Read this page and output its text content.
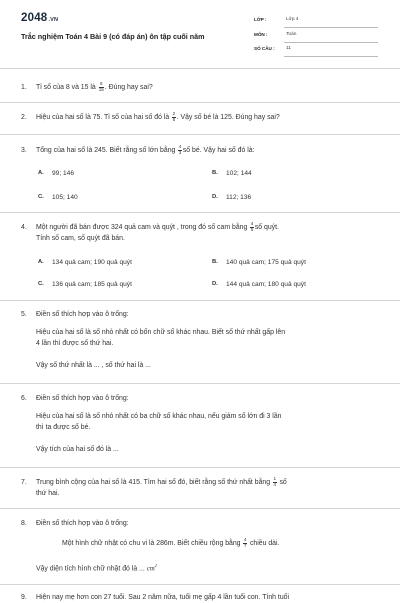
2048.VN
Trắc nghiệm Toán 4 Bài 9 (có đáp án) ôn tập cuối năm
LỚP :	Lớp 4
MÔN :	Toán
SỐ CÂU : 11
1. Tỉ số của 8 và 15 là $\frac{8}{15}$ . Đúng hay sai?
2. Hiệu của hai số là 75. Tỉ số của hai số đó là $\frac{2}{5}$ . Vậy số bé là 125. Đúng hay sai?
3. Tổng của hai số là 245. Biết rằng số lớn bằng $\frac{4}{3}$ số bé. Vậy hai số đó là:
A. 99; 146	B. 102; 144
C. 105; 140	D. 112; 136
4. Một người đã bán được 324 quả cam và quýt , trong đó số cam bằng $\frac{4}{5}$ số quýt.
Tính số cam, số quýt đã bán.
A. 134 quả cam; 190 quả quýt	B. 140 quả cam; 175 quả quýt
C. 136 quả cam; 185 quả quýt	D. 144 quả cam; 180 quả quýt
5. Điền số thích hợp vào ô trống:
Hiệu của hai số là số nhỏ nhất có bốn chữ số khác nhau. Biết số thứ nhất gấp lên
4 lần thì được số thứ hai.
Vậy số thứ nhất là ... , số thứ hai là ...
6. Điền số thích hợp vào ô trống:
Hiệu của hai số là số nhỏ nhất có ba chữ số khác nhau, nếu giảm số lớn đi 3 lần
thì ta được số bé.
Vậy tích của hai số đó là ...
7. Trung bình cộng của hai số là 415. Tìm hai số đó, biết rằng số thứ nhất bằng $\frac{1}{4}$ số
thứ hai.
8. Điền số thích hợp vào ô trống:
Một hình chữ nhật có chu vi là 286m. Biết chiều rộng bằng $\frac{4}{7}$ chiều dài.
Vậy diện tích hình chữ nhật đó là ... $cm^2$
9. Hiện nay mẹ hơn con 27 tuổi. Sau 2 năm nữa, tuổi mẹ gấp 4 lần tuổi con. Tính tuổi
